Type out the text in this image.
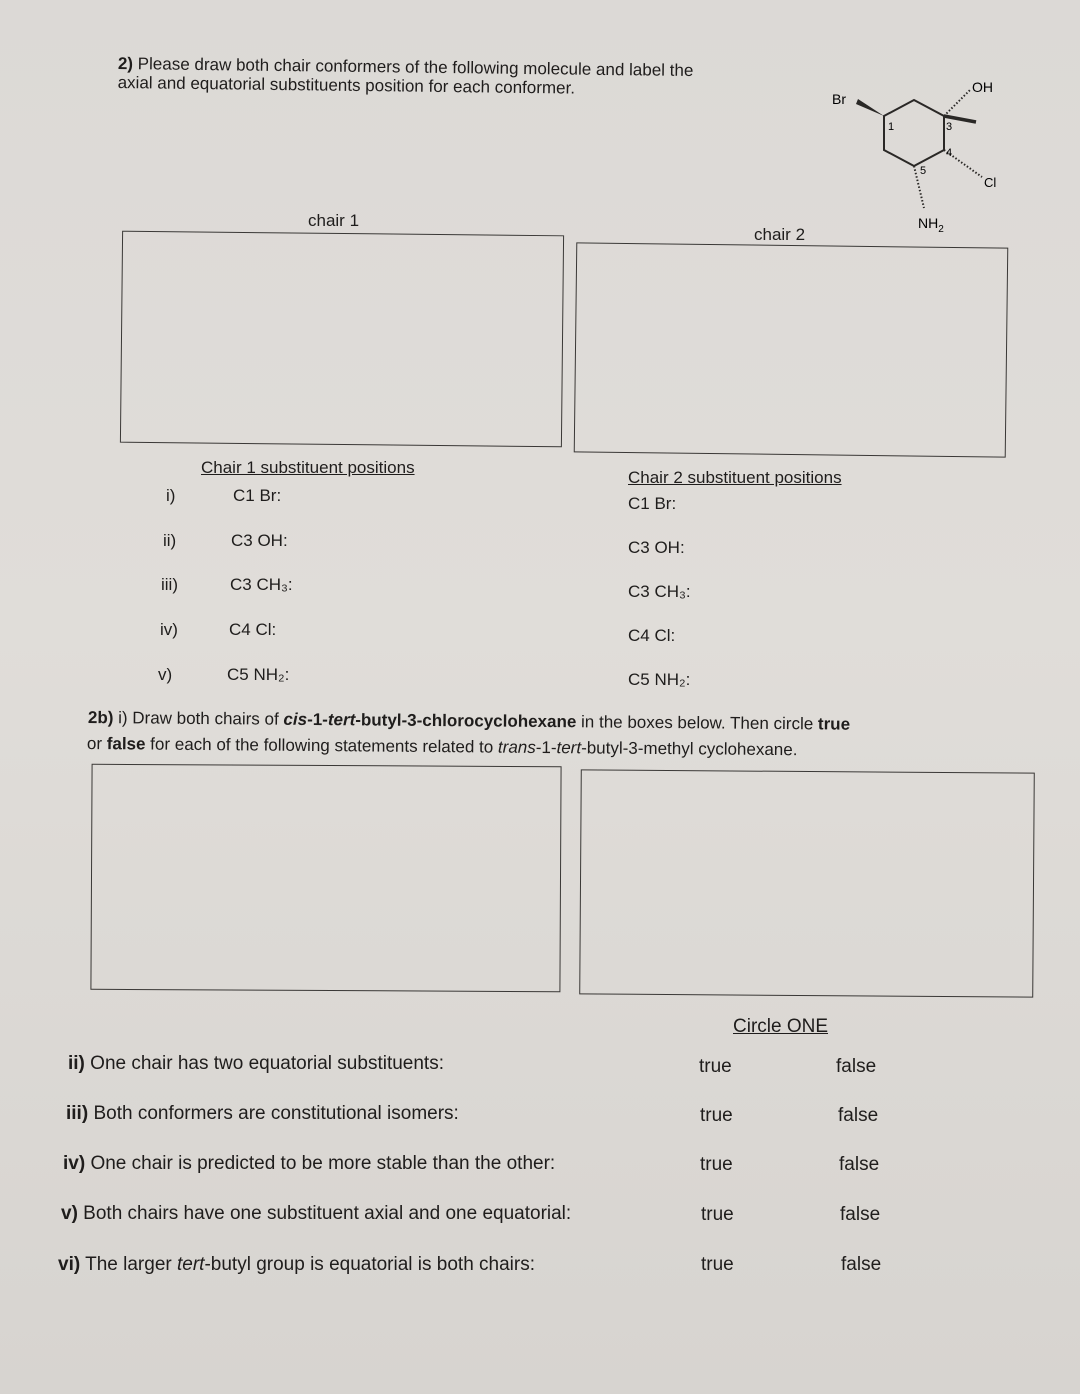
2) Please draw both chair conformers of the following molecule and label the
axial and equatorial substituents position for each conformer.
Br
OH
Cl
$NH_2$
1	3
4
5
chair 1
chair 2
Chair 1 substituent positions
i)	C1 Br:
ii)	C3 OH:
iii)	C3 CH₃:
iv)	C4 Cl:
v)	C5 NH₂:
Chair 2 substituent positions
C1 Br:
C3 OH:
C3 CH₃:
C4 Cl:
C5 NH₂:
2b) i) Draw both chairs of cis-1-tert-butyl-3-chlorocyclohexane in the boxes below. Then circle true
or false for each of the following statements related to trans-1-tert-butyl-3-methyl cyclohexane.
Circle ONE
ii) One chair has two equatorial substituents:	true	false
iii) Both conformers are constitutional isomers:	true	false
iv) One chair is predicted to be more stable than the other:	true	false
v) Both chairs have one substituent axial and one equatorial:	true	false
vi) The larger tert-butyl group is equatorial is both chairs:	true	false
